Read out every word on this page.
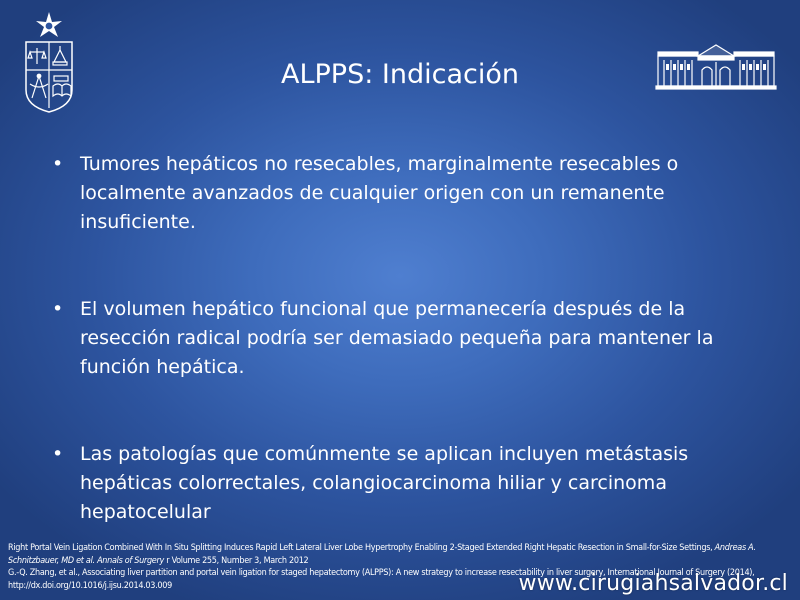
ALPPS: Indicación
• Tumores hepáticos no resecables, marginalmente resecables o localmente avanzados de cualquier origen con un remanente insuficiente.
• El volumen hepático funcional que permanecería después de la resección radical podría ser demasiado pequeña para mantener la función hepática.
• Las patologías que comúnmente se aplican incluyen metástasis hepáticas colorrectales, colangiocarcinoma hiliar y carcinoma hepatocelular
Right Portal Vein Ligation Combined With In Situ Splitting Induces Rapid Left Lateral Liver Lobe Hypertrophy Enabling 2-Staged Extended Right Hepatic Resection in Small-for-Size Settings, Andreas A. Schnitzbauer, MD et al. Annals of Surgery r Volume 255, Number 3, March 2012
G.-Q. Zhang, et al., Associating liver partition and portal vein ligation for staged hepatectomy (ALPPS): A new strategy to increase resectability in liver surgery, International Journal of Surgery (2014), http://dx.doi.org/10.1016/j.ijsu.2014.03.009	www.cirugiahsalvador.cl
